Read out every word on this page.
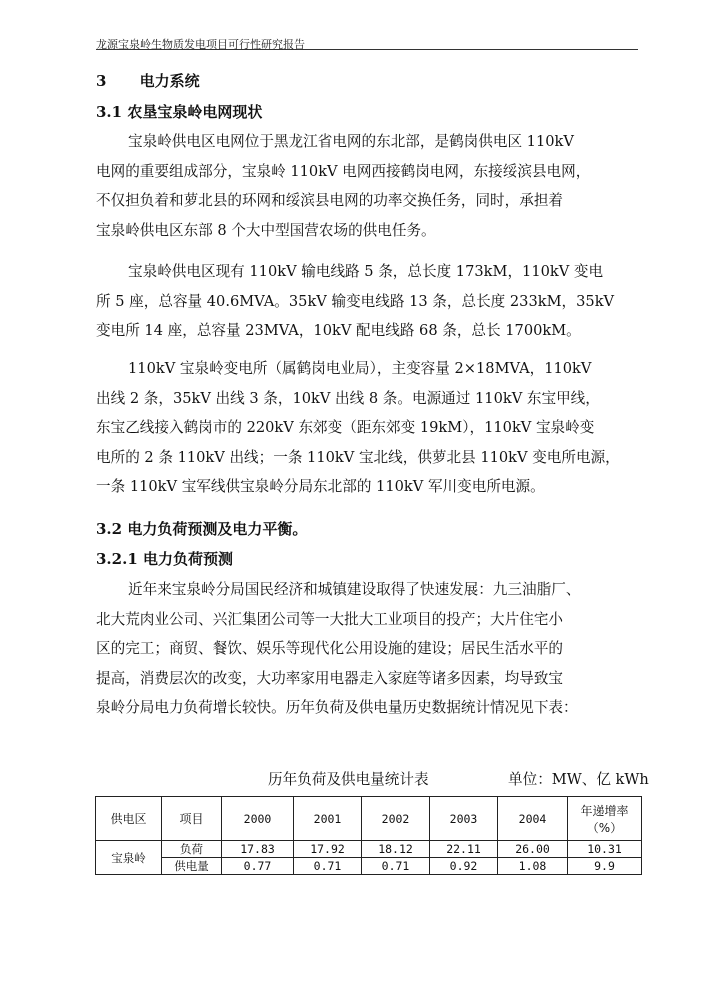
龙源宝泉岭生物质发电项目可行性研究报告
3 电力系统
3.1 农垦宝泉岭电网现状
宝泉岭供电区电网位于黑龙江省电网的东北部，是鹤岗供电区 110kV
电网的重要组成部分，宝泉岭 110kV 电网西接鹤岗电网，东接绥滨县电网，
不仅担负着和萝北县的环网和绥滨县电网的功率交换任务，同时，承担着
宝泉岭供电区东部 8 个大中型国营农场的供电任务。
宝泉岭供电区现有 110kV 输电线路 5 条，总长度 173kM，110kV 变电
所 5 座，总容量 40.6MVA。35kV 输变电线路 13 条，总长度 233kM，35kV
变电所 14 座，总容量 23MVA，10kV 配电线路 68 条，总长 1700kM。
110kV 宝泉岭变电所（属鹤岗电业局），主变容量 2×18MVA，110kV
出线 2 条，35kV 出线 3 条，10kV 出线 8 条。电源通过 110kV 东宝甲线，
东宝乙线接入鹤岗市的 220kV 东郊变（距东郊变 19kM），110kV 宝泉岭变
电所的 2 条 110kV 出线；一条 110kV 宝北线，供萝北县 110kV 变电所电源，
一条 110kV 宝军线供宝泉岭分局东北部的 110kV 军川变电所电源。
3.2 电力负荷预测及电力平衡。
3.2.1 电力负荷预测
近年来宝泉岭分局国民经济和城镇建设取得了快速发展：九三油脂厂、
北大荒肉业公司、兴汇集团公司等一大批大工业项目的投产；大片住宅小
区的完工；商贸、餐饮、娱乐等现代化公用设施的建设；居民生活水平的
提高，消费层次的改变，大功率家用电器走入家庭等诸多因素，均导致宝
泉岭分局电力负荷增长较快。历年负荷及供电量历史数据统计情况见下表：
历年负荷及供电量统计表	单位：MW、亿 kWh
供电区	项目	2000	2001	2002	2003	2004	年递增率（%）
宝泉岭	负荷	17.83	17.92	18.12	22.11	26.00	10.31
	供电量	0.77	0.71	0.71	0.92	1.08	9.9
